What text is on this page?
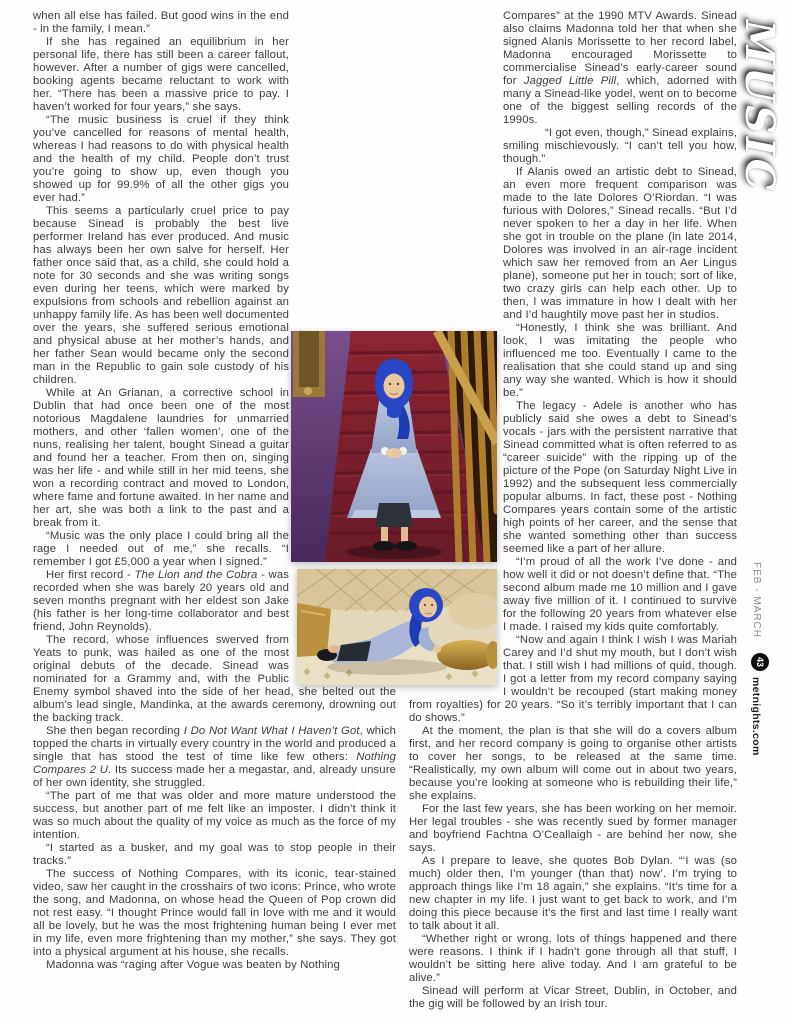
when all else has failed. But good wins in the end - in the family, I mean.”

If she has regained an equilibrium in her personal life, there has still been a career fallout, however. After a number of gigs were cancelled, booking agents became reluctant to work with her. “There has been a massive price to pay. I haven’t worked for four years,” she says.

“The music business is cruel if they think you’ve cancelled for reasons of mental health, whereas I had reasons to do with physical health and the health of my child. People don’t trust you’re going to show up, even though you showed up for 99.9% of all the other gigs you ever had.”

This seems a particularly cruel price to pay because Sinead is probably the best live performer Ireland has ever produced. And music has always been her own salve for herself. Her father once said that, as a child, she could hold a note for 30 seconds and she was writing songs even during her teens, which were marked by expulsions from schools and rebellion against an unhappy family life. As has been well documented over the years, she suffered serious emotional and physical abuse at her mother’s hands, and her father Sean would became only the second man in the Republic to gain sole custody of his children.

While at An Grianan, a corrective school in Dublin that had once been one of the most notorious Magdalene laundries for unmarried mothers, and other ‘fallen women’, one of the nuns, realising her talent, bought Sinead a guitar and found her a teacher. From then on, singing was her life - and while still in her mid teens, she won a recording contract and moved to London, where fame and fortune awaited. In her name and her art, she was both a link to the past and a break from it.

“Music was the only place I could bring all the rage I needed out of me,” she recalls. “I remember I got £5,000 a year when I signed.”

Her first record - The Lion and the Cobra - was recorded when she was barely 20 years old and seven months pregnant with her eldest son Jake (his father is her long-time collaborator and best friend, John Reynolds).

The record, whose influences swerved from Yeats to punk, was hailed as one of the most original debuts of the decade. Sinead was nominated for a Grammy and, with the Public Enemy symbol shaved into the side of her head, she belted out the album’s lead single, Mandinka, at the awards ceremony, drowning out the backing track.

She then began recording I Do Not Want What I Haven’t Got, which topped the charts in virtually every country in the world and produced a single that has stood the test of time like few others: Nothing Compares 2 U. Its success made her a megastar, and, already unsure of her own identity, she struggled.

“The part of me that was older and more mature understood the success, but another part of me felt like an imposter. I didn’t think it was so much about the quality of my voice as much as the force of my intention.

“I started as a busker, and my goal was to stop people in their tracks.”

The success of Nothing Compares, with its iconic, tear-stained video, saw her caught in the crosshairs of two icons: Prince, who wrote the song, and Madonna, on whose head the Queen of Pop crown did not rest easy. “I thought Prince would fall in love with me and it would all be lovely, but he was the most frightening human being I ever met in my life, even more frightening than my mother,” she says. They got into a physical argument at his house, she recalls.

Madonna was “raging after Vogue was beaten by Nothing

Compares” at the 1990 MTV Awards. Sinead also claims Madonna told her that when she signed Alanis Morissette to her record label, Madonna encouraged Morissette to commercialise Sinead’s early-career sound for Jagged Little Pill, which, adorned with many a Sinead-like yodel, went on to become one of the biggest selling records of the 1990s.

“I got even, though,” Sinead explains, smiling mischievously. “I can’t tell you how, though.”

If Alanis owed an artistic debt to Sinead, an even more frequent comparison was made to the late Dolores O’Riordan. “I was furious with Dolores,” Sinead recalls. “But I’d never spoken to her a day in her life. When she got in trouble on the plane (in late 2014, Dolores was involved in an air-rage incident which saw her removed from an Aer Lingus plane), someone put her in touch; sort of like, two crazy girls can help each other. Up to then, I was immature in how I dealt with her and I’d haughtily move past her in studios.

“Honestly, I think she was brilliant. And look, I was imitating the people who influenced me too. Eventually I came to the realisation that she could stand up and sing any way she wanted. Which is how it should be.”

The legacy - Adele is another who has publicly said she owes a debt to Sinead’s vocals - jars with the persistent narrative that Sinead committed what is often referred to as “career suicide” with the ripping up of the picture of the Pope (on Saturday Night Live in 1992) and the subsequent less commercially popular albums. In fact, these post - Nothing Compares years contain some of the artistic high points of her career, and the sense that she wanted something other than success seemed like a part of her allure.

“I’m proud of all the work I’ve done - and how well it did or not doesn’t define that. “The second album made me 10 million and I gave away five million of it. I continued to survive for the following 20 years from whatever else I made. I raised my kids quite comfortably.

“Now and again I think I wish I was Mariah Carey and I’d shut my mouth, but I don’t wish that. I still wish I had millions of quid, though. I got a letter from my record company saying I wouldn’t be recouped (start making money from royalties) for 20 years. “So it’s terribly important that I can do shows.”

At the moment, the plan is that she will do a covers album first, and her record company is going to organise other artists to cover her songs, to be released at the same time. “Realistically, my own album will come out in about two years, because you’re looking at someone who is rebuilding their life,” she explains.

For the last few years, she has been working on her memoir. Her legal troubles - she was recently sued by former manager and boyfriend Fachtna O’Ceallaigh - are behind her now, she says.

As I prepare to leave, she quotes Bob Dylan. “‘I was (so much) older then, I’m younger (than that) now’. I’m trying to approach things like I’m 18 again,” she explains. “It’s time for a new chapter in my life. I just want to get back to work, and I’m doing this piece because it’s the first and last time I really want to talk about it all.

“Whether right or wrong, lots of things happened and there were reasons. I think if I hadn’t gone through all that stuff, I wouldn’t be sitting here alive today. And I am grateful to be alive.”

Sinead will perform at Vicar Street, Dublin, in October, and the gig will be followed by an Irish tour.

MUSIC
FEB - MARCH
43
metnights.com
